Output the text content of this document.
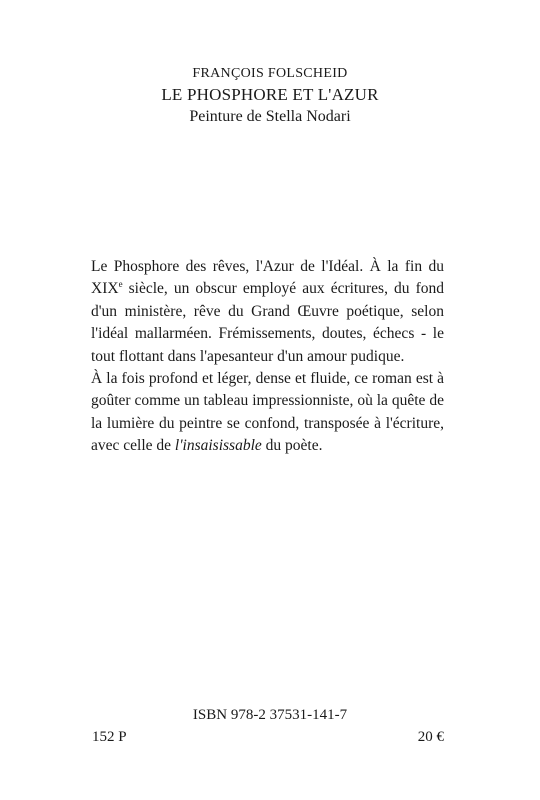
FRANÇOIS FOLSCHEID
LE PHOSPHORE ET L'AZUR
Peinture de Stella Nodari

Le Phosphore des rêves, l'Azur de l'Idéal. À la fin du XIXe siècle, un obscur employé aux écritures, du fond d'un ministère, rêve du Grand Œuvre poétique, selon l'idéal mallarméen. Frémissements, doutes, échecs - le tout flottant dans l'apesanteur d'un amour pudique.

À la fois profond et léger, dense et fluide, ce roman est à goûter comme un tableau impressionniste, où la quête de la lumière du peintre se confond, transposée à l'écriture, avec celle de l'insaisissable du poète.

ISBN 978-2 37531-141-7
152 P	20 €
